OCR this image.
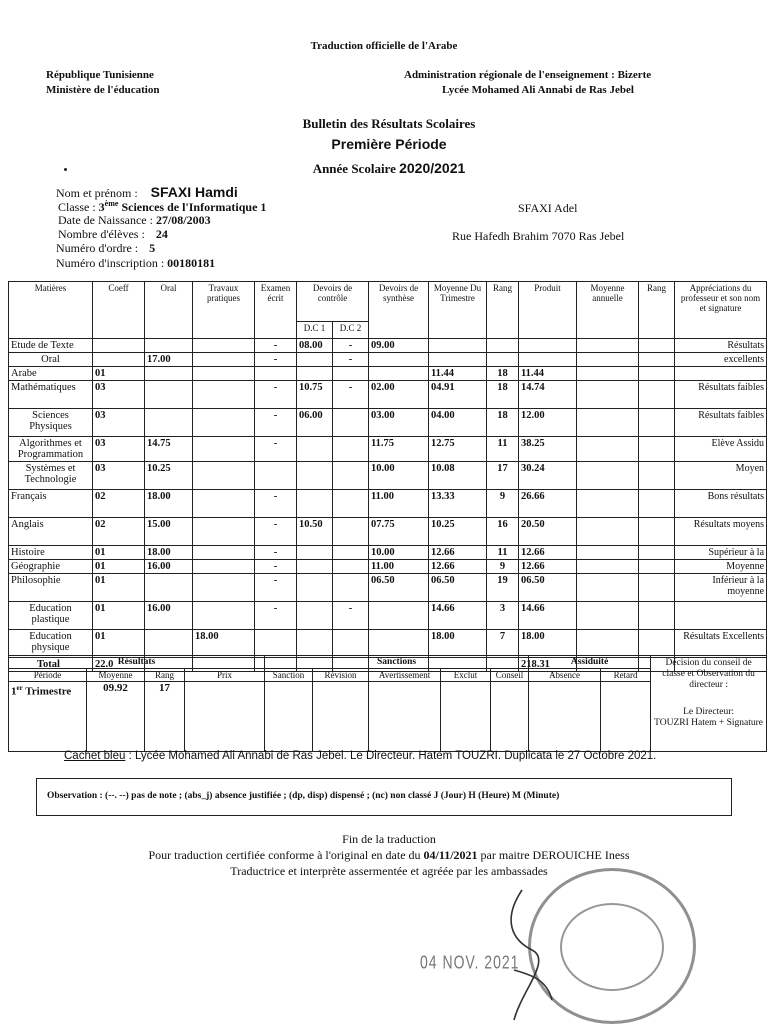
Traduction officielle de l'Arabe
République Tunisienne
Ministère de l'éducation
Administration régionale de l'enseignement : Bizerte
Lycée Mohamed Ali Annabi de Ras Jebel
Bulletin des Résultats Scolaires
Première Période
Année Scolaire 2020/2021
Nom et prénom : SFAXI Hamdi
Classe : 3ème Sciences de l'Informatique 1
Date de Naissance : 27/08/2003
Nombre d'élèves : 24
Numéro d'ordre : 5
Numéro d'inscription : 00180181
SFAXI Adel
Rue Hafedh Brahim 7070 Ras Jebel
Matières	Coeff	Oral	Travaux pratiques	Examen écrit	Devoirs de contrôle		Devoirs de synthèse	Moyenne Du Trimestre	Rang	Produit	Moyenne annuelle	Rang	Appréciations du professeur et son nom et signature
					D.C 1	D.C 2							
Etude de Texte				-	08.00	-	09.00						Résultats
Oral		17.00		-		-							excellents
Arabe	01							11.44	18	11.44			
Mathématiques	03			-	10.75	-	02.00	04.91	18	14.74			Résultats faibles
Sciences Physiques	03			-	06.00		03.00	04.00	18	12.00			Résultats faibles
Algorithmes et Programmation	03	14.75		-			11.75	12.75	11	38.25			Elève Assidu
Systèmes et Technologie	03	10.25					10.00	10.08	17	30.24			Moyen
Français	02	18.00		-			11.00	13.33	9	26.66			Bons résultats
Anglais	02	15.00		-	10.50		07.75	10.25	16	20.50			Résultats moyens
Histoire	01	18.00		-			10.00	12.66	11	12.66			Supérieur à la
Géographie	01	16.00		-			11.00	12.66	9	12.66			Moyenne
Philosophie	01			-			06.50	06.50	19	06.50			Inférieur à la moyenne
Education plastique	01	16.00		-		-		14.66	3	14.66			
Education physique	01		18.00					18.00	7	18.00			Résultats Excellents
Total	22.0									218.31			
Résultats				Sanctions					Assiduité		Décision du conseil de classe et Observation du directeur :
Le Directeur:
TOUZRI Hatem + Signature

Période	Moyenne	Rang	Prix	Sanction	Révision	Avertissement	Exclut	Conseil	Absence	Retard	
1er Trimestre	09.92	17									
Cachet bleu : Lycée Mohamed Ali Annabi de Ras Jebel. Le Directeur. Hatem TOUZRI. Duplicata le 27 Octobre 2021.
Observation : (--. --) pas de note ; (abs_j) absence justifiée ; (dp, disp) dispensé ; (nc) non classé J (Jour) H (Heure) M (Minute)
Fin de la traduction
Pour traduction certifiée conforme à l'original en date du 04/11/2021 par maitre DEROUICHE Iness
Traductrice et interprète assermentée et agréée par les ambassades
04 NOV. 2021
